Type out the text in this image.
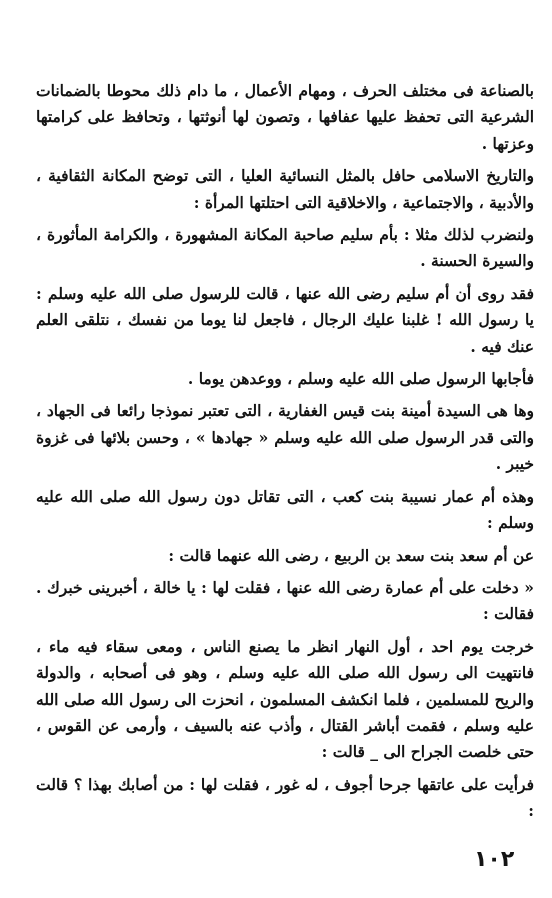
بالصناعة فى مختلف الحرف ، ومهام الأعمال ، ما دام ذلك محوطا بالضمانات الشرعية التى تحفظ عليها عفافها ، وتصون لها أنوثتها ، وتحافظ على كرامتها وعزتها .

والتاريخ الاسلامى حافل بالمثل النسائية العليا ، التى توضح المكانة الثقافية ، والأدبية ، والاجتماعية ، والاخلاقية التى احتلتها المرأة :

ولنضرب لذلك مثلا : بأم سليم صاحبة المكانة المشهورة ، والكرامة المأثورة ، والسيرة الحسنة .

فقد روى أن أم سليم رضى الله عنها ، قالت للرسول صلى الله عليه وسلم : يا رسول الله ! غلبنا عليك الرجال ، فاجعل لنا يوما من نفسك ، نتلقى العلم عنك فيه .

فأجابها الرسول صلى الله عليه وسلم ، ووعدهن يوما .

وها هى السيدة أمينة بنت قيس الغفارية ، التى تعتبر نموذجا رائعا فى الجهاد ، والتى قدر الرسول صلى الله عليه وسلم « جهادها » ، وحسن بلائها فى غزوة خيبر .

وهذه أم عمار نسيبة بنت كعب ، التى تقاتل دون رسول الله صلى الله عليه وسلم :

عن أم سعد بنت سعد بن الربيع ، رضى الله عنهما قالت :

« دخلت على أم عمارة رضى الله عنها ، فقلت لها : يا خالة ، أخبرينى خبرك . فقالت :

خرجت يوم احد ، أول النهار انظر ما يصنع الناس ، ومعى سقاء فيه ماء ، فانتهيت الى رسول الله صلى الله عليه وسلم ، وهو فى أصحابه ، والدولة والريح للمسلمين ، فلما انكشف المسلمون ، انحزت الى رسول الله صلى الله عليه وسلم ، فقمت أباشر القتال ، وأذب عنه بالسيف ، وأرمى عن القوس ، حتى خلصت الجراح الى _ قالت :

فرأيت على عاتقها جرحا أجوف ، له غور ، فقلت لها : من أصابك بهذا ؟ قالت :

١٠٢
